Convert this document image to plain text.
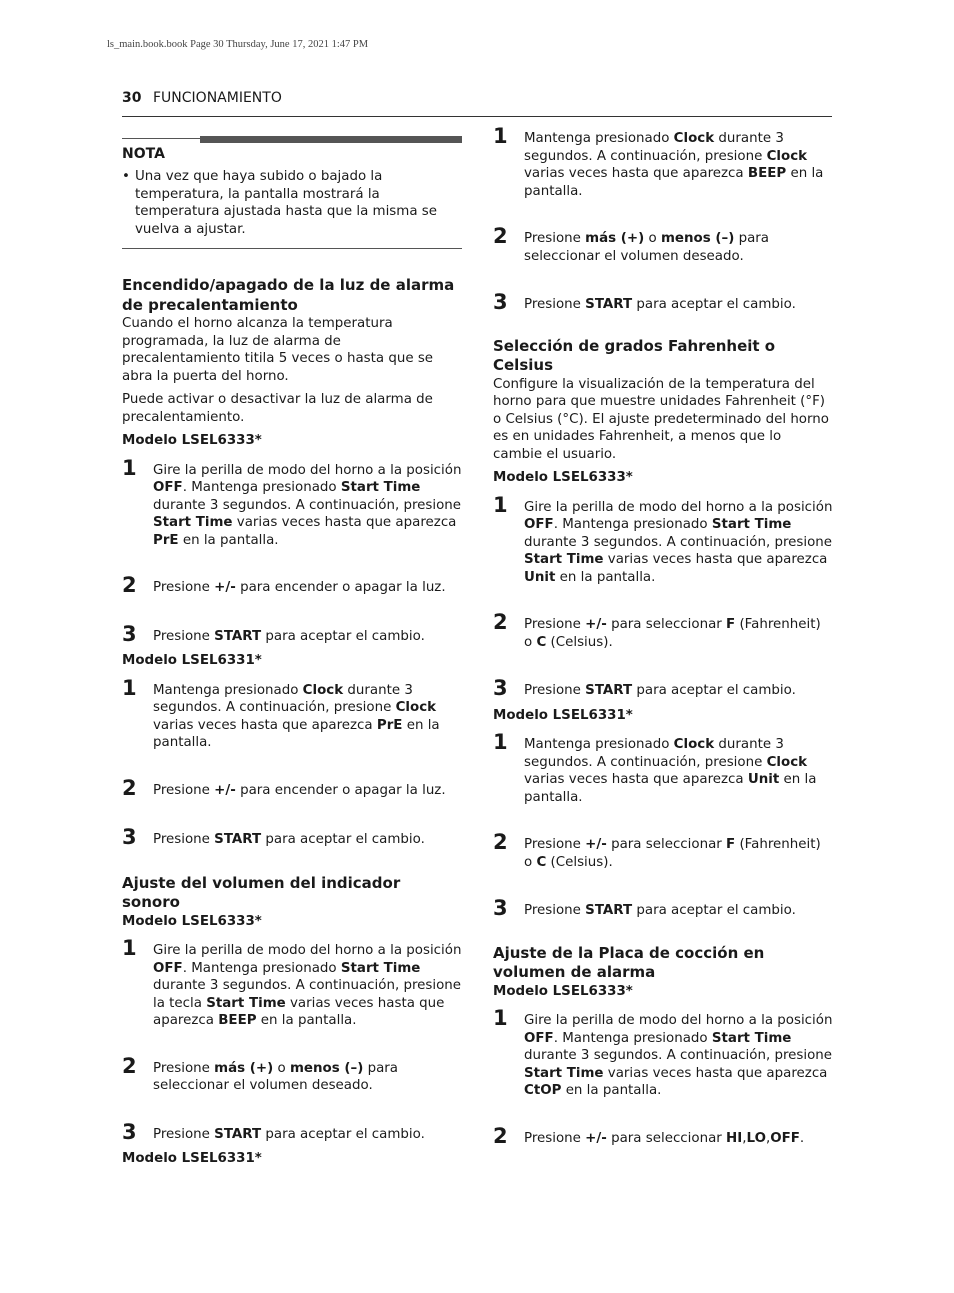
ls_main.book.book Page 30 Thursday, June 17, 2021 1:47 PM
30 FUNCIONAMIENTO
NOTA
• Una vez que haya subido o bajado la temperatura, la pantalla mostrará la temperatura ajustada hasta que la misma se vuelva a ajustar.
Encendido/apagado de la luz de alarma de precalentamiento

Cuando el horno alcanza la temperatura programada, la luz de alarma de precalentamiento titila 5 veces o hasta que se abra la puerta del horno.

Puede activar o desactivar la luz de alarma de precalentamiento.

Modelo LSEL6333*

1	Gire la perilla de modo del horno a la posición OFF. Mantenga presionado Start Time durante 3 segundos. A continuación, presione Start Time varias veces hasta que aparezca PrE en la pantalla.
2	Presione +/- para encender o apagar la luz.
3	Presione START para aceptar el cambio.

Modelo LSEL6331*

1	Mantenga presionado Clock durante 3 segundos. A continuación, presione Clock varias veces hasta que aparezca PrE en la pantalla.
2	Presione +/- para encender o apagar la luz.
3	Presione START para aceptar el cambio.
Ajuste del volumen del indicador sonoro

Modelo LSEL6333*

1	Gire la perilla de modo del horno a la posición OFF. Mantenga presionado Start Time durante 3 segundos. A continuación, presione la tecla Start Time varias veces hasta que aparezca BEEP en la pantalla.
2	Presione más (+) o menos (–) para seleccionar el volumen deseado.
3	Presione START para aceptar el cambio.

Modelo LSEL6331*

1	Mantenga presionado Clock durante 3 segundos. A continuación, presione Clock varias veces hasta que aparezca BEEP en la pantalla.
2	Presione más (+) o menos (–) para seleccionar el volumen deseado.
3	Presione START para aceptar el cambio.
Selección de grados Fahrenheit o Celsius

Configure la visualización de la temperatura del horno para que muestre unidades Fahrenheit (°F) o Celsius (°C). El ajuste predeterminado del horno es en unidades Fahrenheit, a menos que lo cambie el usuario.

Modelo LSEL6333*

1	Gire la perilla de modo del horno a la posición OFF. Mantenga presionado Start Time durante 3 segundos. A continuación, presione Start Time varias veces hasta que aparezca Unit en la pantalla.
2	Presione +/- para seleccionar F (Fahrenheit) o C (Celsius).
3	Presione START para aceptar el cambio.

Modelo LSEL6331*

1	Mantenga presionado Clock durante 3 segundos. A continuación, presione Clock varias veces hasta que aparezca Unit en la pantalla.
2	Presione +/- para seleccionar F (Fahrenheit) o C (Celsius).
3	Presione START para aceptar el cambio.
Ajuste de la Placa de cocción en volumen de alarma

Modelo LSEL6333*

1	Gire la perilla de modo del horno a la posición OFF. Mantenga presionado Start Time durante 3 segundos. A continuación, presione Start Time varias veces hasta que aparezca CtOP en la pantalla.
2	Presione +/- para seleccionar HI,LO,OFF.
